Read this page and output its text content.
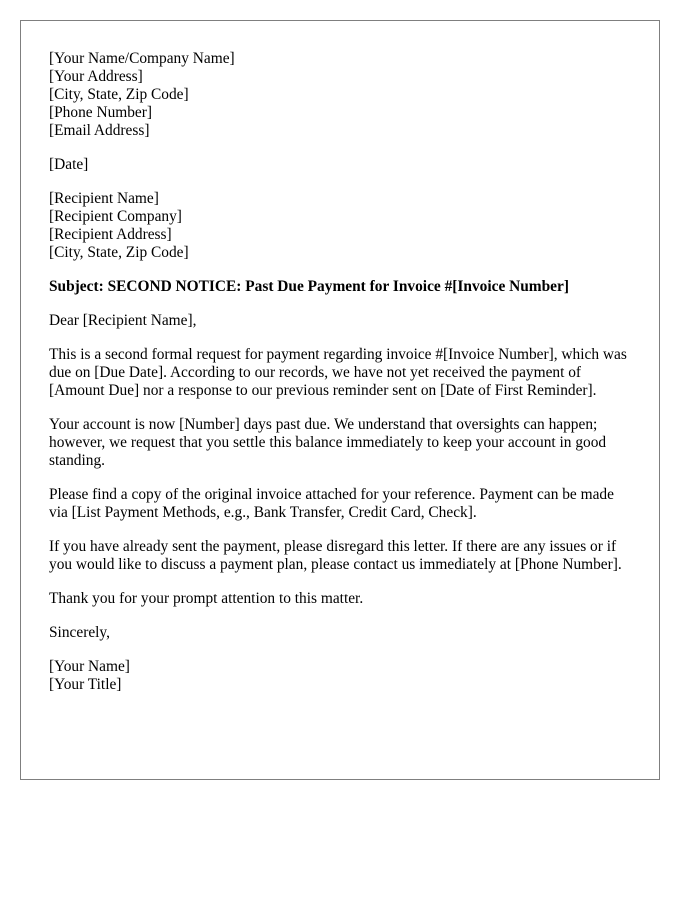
[Your Name/Company Name]
[Your Address]
[City, State, Zip Code]
[Phone Number]
[Email Address]
[Date]
[Recipient Name]
[Recipient Company]
[Recipient Address]
[City, State, Zip Code]
Subject: SECOND NOTICE: Past Due Payment for Invoice #[Invoice Number]
Dear [Recipient Name],
This is a second formal request for payment regarding invoice #[Invoice Number], which was due on [Due Date]. According to our records, we have not yet received the payment of [Amount Due] nor a response to our previous reminder sent on [Date of First Reminder].
Your account is now [Number] days past due. We understand that oversights can happen; however, we request that you settle this balance immediately to keep your account in good standing.
Please find a copy of the original invoice attached for your reference. Payment can be made via [List Payment Methods, e.g., Bank Transfer, Credit Card, Check].
If you have already sent the payment, please disregard this letter. If there are any issues or if you would like to discuss a payment plan, please contact us immediately at [Phone Number].
Thank you for your prompt attention to this matter.
Sincerely,
[Your Name]
[Your Title]
